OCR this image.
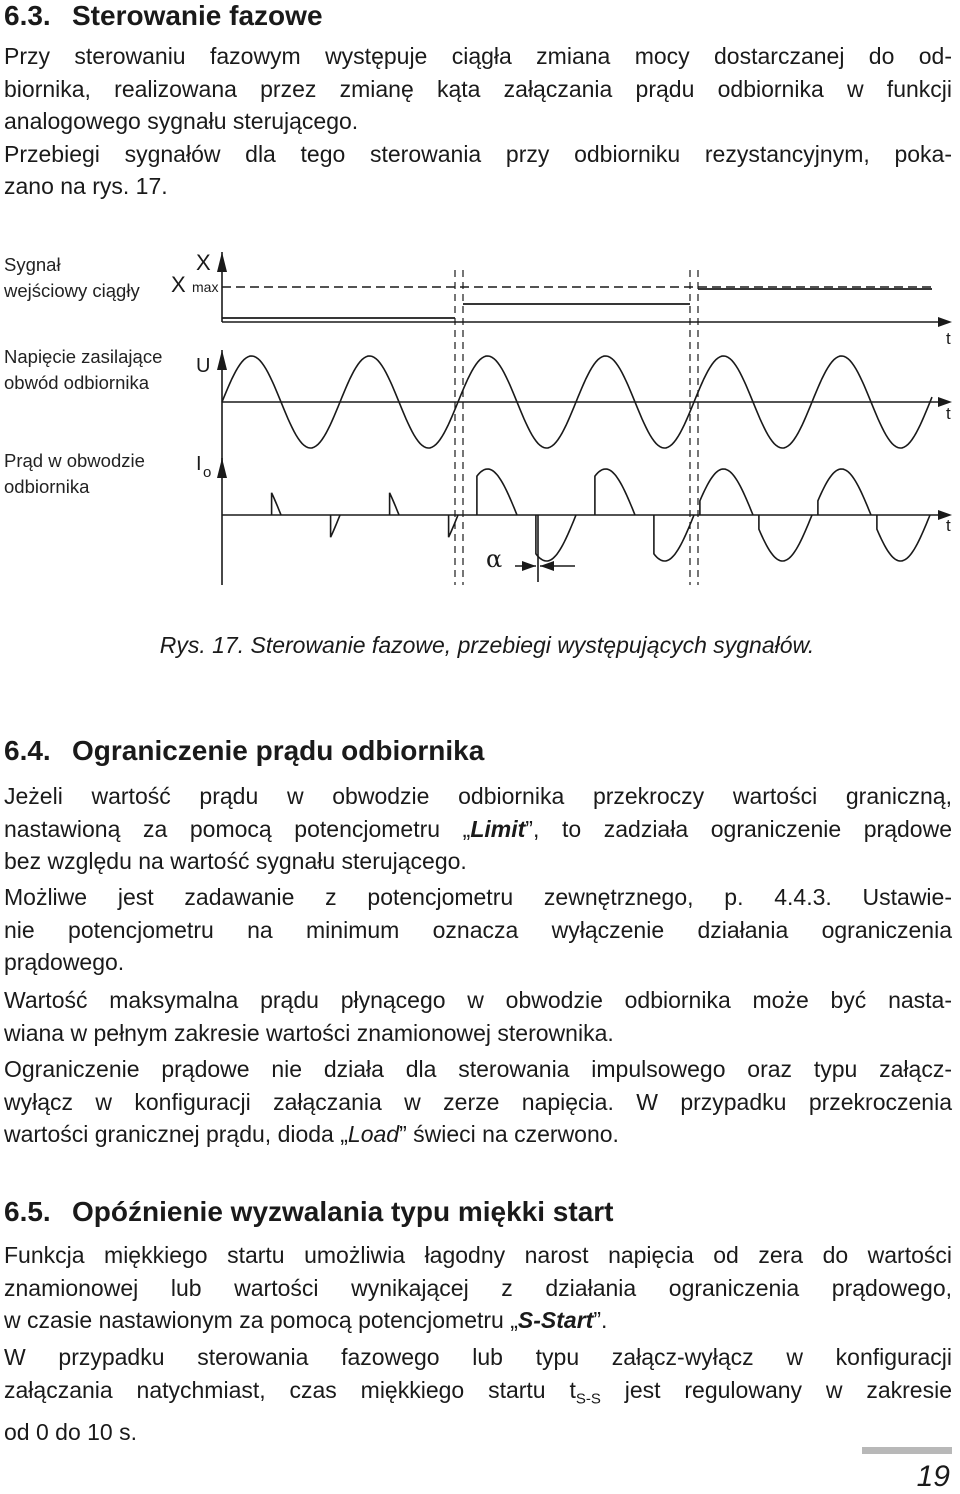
6.3. Sterowanie fazowe
Przy sterowaniu fazowym występuje ciągła zmiana mocy dostarczanej do od-
biornika, realizowana przez zmianę kąta załączania prądu odbiornika w funkcji
analogowego sygnału sterującego.
Przebiegi sygnałów dla tego sterowania przy odbiorniku rezystancyjnym, poka-
zano na rys. 17.
Sygnał
wejściowy ciągły
Napięcie zasilające
obwód odbiornika
Prąd w obwodzie
odbiornika
X
X max
U
I o
t
t
t
α
Rys. 17. Sterowanie fazowe, przebiegi występujących sygnałów.
6.4. Ograniczenie prądu odbiornika
Jeżeli wartość prądu w obwodzie odbiornika przekroczy wartości graniczną,
nastawioną za pomocą potencjometru „Limit”, to zadziała ograniczenie prądowe
bez względu na wartość sygnału sterującego.
Możliwe jest zadawanie z potencjometru zewnętrznego, p. 4.4.3. Ustawie-
nie potencjometru na minimum oznacza wyłączenie działania ograniczenia
prądowego.
Wartość maksymalna prądu płynącego w obwodzie odbiornika może być nasta-
wiana w pełnym zakresie wartości znamionowej sterownika.
Ograniczenie prądowe nie działa dla sterowania impulsowego oraz typu załącz-
wyłącz w konfiguracji załączania w zerze napięcia. W przypadku przekroczenia
wartości granicznej prądu, dioda „Load” świeci na czerwono.
6.5. Opóźnienie wyzwalania typu miękki start
Funkcja miękkiego startu umożliwia łagodny narost napięcia od zera do wartości
znamionowej lub wartości wynikającej z działania ograniczenia prądowego,
w czasie nastawionym za pomocą potencjometru „S-Start”.
W przypadku sterowania fazowego lub typu załącz-wyłącz w konfiguracji
załączania natychmiast, czas miękkiego startu $t_{S-S}$ jest regulowany w zakresie
od 0 do 10 s.
19
